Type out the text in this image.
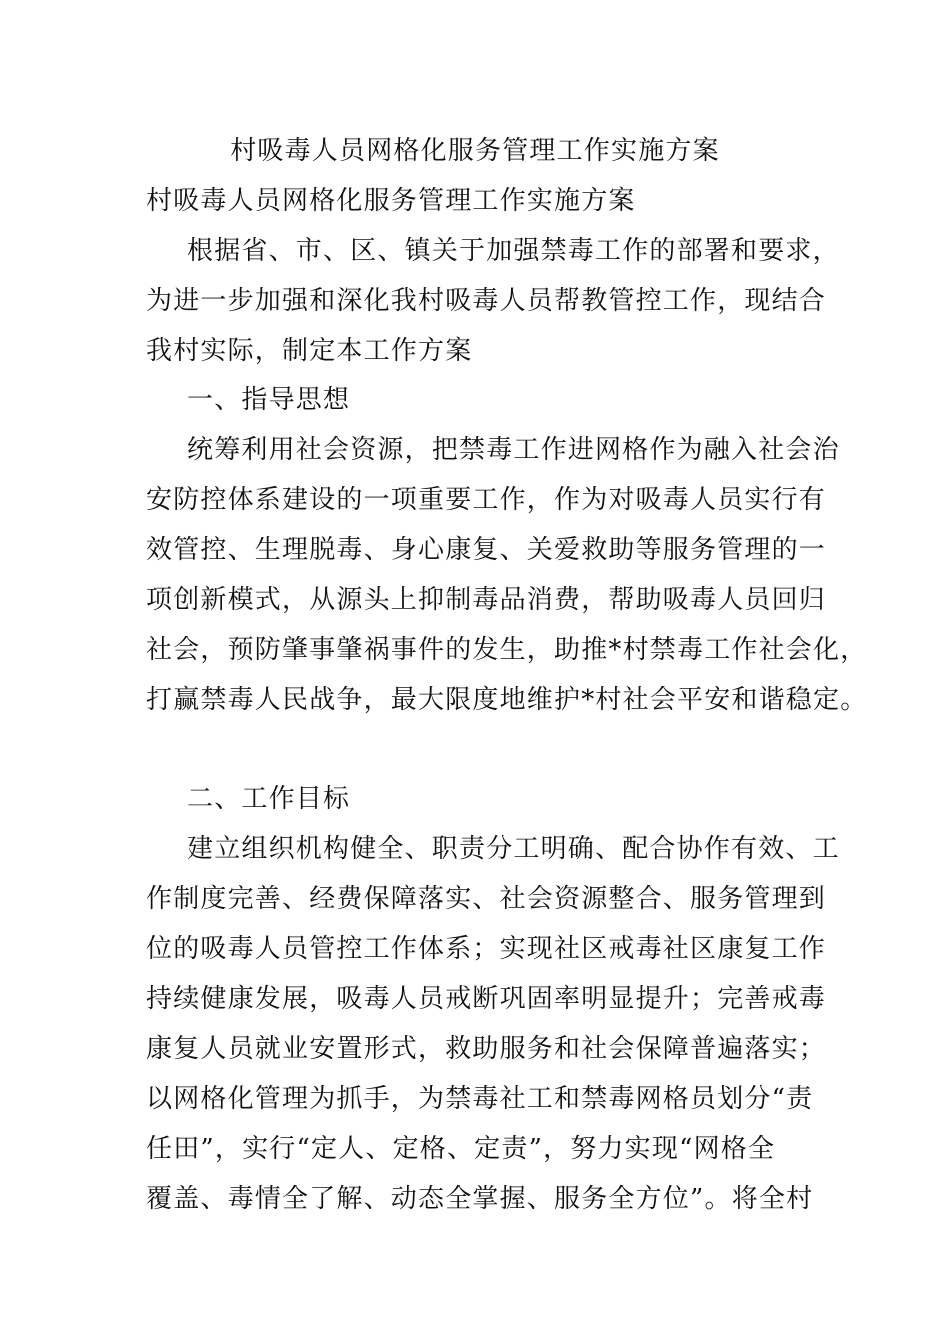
村吸毒人员网格化服务管理工作实施方案
村吸毒人员网格化服务管理工作实施方案
根据省、市、区、镇关于加强禁毒工作的部署和要求，
为进一步加强和深化我村吸毒人员帮教管控工作，现结合
我村实际，制定本工作方案
一、指导思想
统筹利用社会资源，把禁毒工作进网格作为融入社会治
安防控体系建设的一项重要工作，作为对吸毒人员实行有
效管控、生理脱毒、身心康复、关爱救助等服务管理的一
项创新模式，从源头上抑制毒品消费，帮助吸毒人员回归
社会，预防肇事肇祸事件的发生，助推*村禁毒工作社会化，
打赢禁毒人民战争，最大限度地维护*村社会平安和谐稳定。
二、工作目标
建立组织机构健全、职责分工明确、配合协作有效、工
作制度完善、经费保障落实、社会资源整合、服务管理到
位的吸毒人员管控工作体系；实现社区戒毒社区康复工作
持续健康发展，吸毒人员戒断巩固率明显提升；完善戒毒
康复人员就业安置形式，救助服务和社会保障普遍落实；
以网格化管理为抓手，为禁毒社工和禁毒网格员划分“责
任田”，实行“定人、定格、定责”，努力实现“网格全
覆盖、毒情全了解、动态全掌握、服务全方位”。将全村
